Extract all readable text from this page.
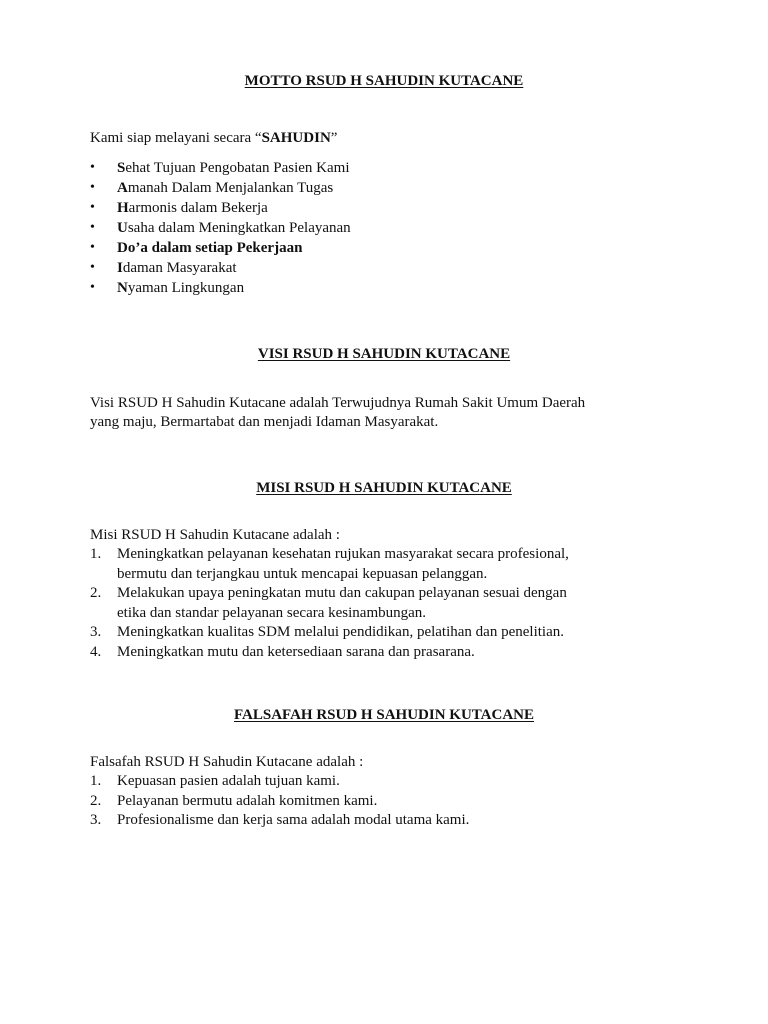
MOTTO RSUD H SAHUDIN KUTACANE

Kami siap melayani secara “SAHUDIN”

• Sehat Tujuan Pengobatan Pasien Kami
• Amanah Dalam Menjalankan Tugas
• Harmonis dalam Bekerja
• Usaha dalam Meningkatkan Pelayanan
• Do’a dalam setiap Pekerjaan
• Idaman Masyarakat
• Nyaman Lingkungan
VISI RSUD H SAHUDIN KUTACANE

Visi RSUD H Sahudin Kutacane adalah Terwujudnya Rumah Sakit Umum Daerah

yang maju, Bermartabat dan menjadi Idaman Masyarakat.

MISI RSUD H SAHUDIN KUTACANE

Misi RSUD H Sahudin Kutacane adalah :

1. Meningkatkan pelayanan kesehatan rujukan masyarakat secara profesional,
bermutu dan terjangkau untuk mencapai kepuasan pelanggan.
2. Melakukan upaya peningkatan mutu dan cakupan pelayanan sesuai dengan
etika dan standar pelayanan secara kesinambungan.
3. Meningkatkan kualitas SDM melalui pendidikan, pelatihan dan penelitian.
4. Meningkatkan mutu dan ketersediaan sarana dan prasarana.
FALSAFAH RSUD H SAHUDIN KUTACANE

Falsafah RSUD H Sahudin Kutacane adalah :

1. Kepuasan pasien adalah tujuan kami.
2. Pelayanan bermutu adalah komitmen kami.
3. Profesionalisme dan kerja sama adalah modal utama kami.
